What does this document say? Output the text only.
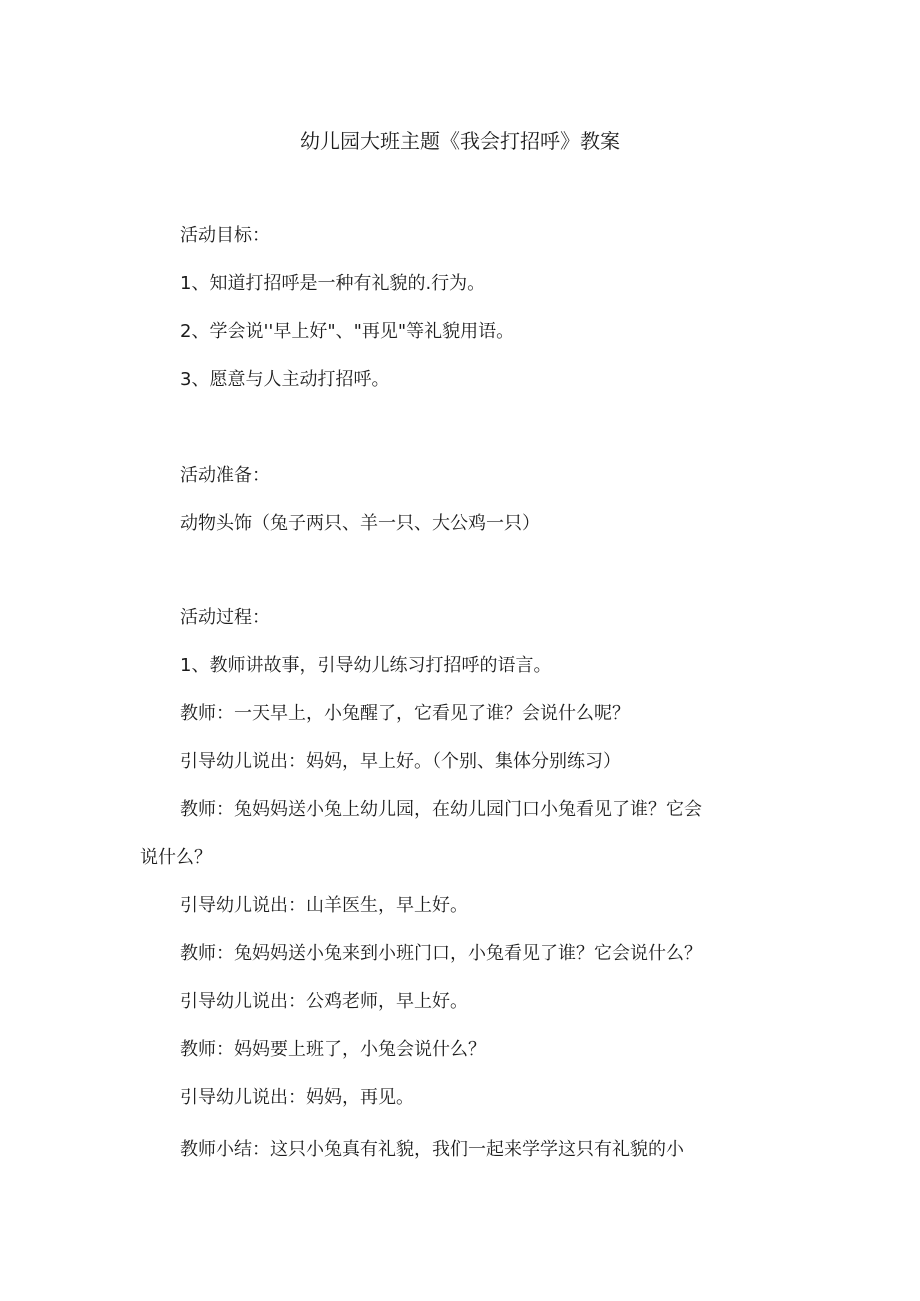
幼儿园大班主题《我会打招呼》教案
活动目标：
1、知道打招呼是一种有礼貌的.行为。
2、学会说''早上好"、"再见"等礼貌用语。
3、愿意与人主动打招呼。
活动准备：
动物头饰（兔子两只、羊一只、大公鸡一只）
活动过程：
1、教师讲故事，引导幼儿练习打招呼的语言。
教师：一天早上，小兔醒了，它看见了谁？会说什么呢？
引导幼儿说出：妈妈，早上好。（个别、集体分别练习）
教师：兔妈妈送小兔上幼儿园，在幼儿园门口小兔看见了谁？它会
说什么？
引导幼儿说出：山羊医生，早上好。
教师：兔妈妈送小兔来到小班门口，小兔看见了谁？它会说什么？
引导幼儿说出：公鸡老师，早上好。
教师：妈妈要上班了，小兔会说什么？
引导幼儿说出：妈妈，再见。
教师小结：这只小兔真有礼貌，我们一起来学学这只有礼貌的小
